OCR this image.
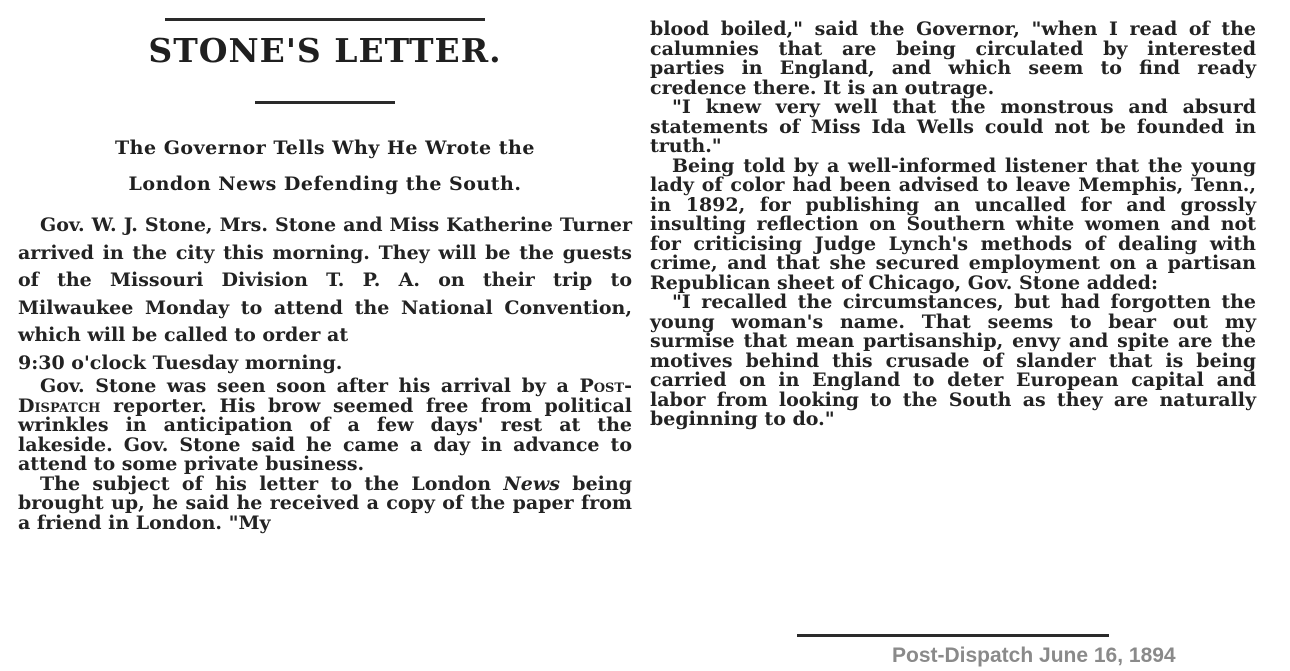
STONE'S LETTER.
The Governor Tells Why He Wrote the
London News Defending the South.

Gov. W. J. Stone, Mrs. Stone and Miss Katherine Turner arrived in the city this morning. They will be the guests of the Missouri Division T. P. A. on their trip to Milwaukee Monday to attend the National Convention, which will be called to order at
9:30 o'clock Tuesday morning.

Gov. Stone was seen soon after his arrival by a Post-Dispatch reporter. His brow seemed free from political wrinkles in anticipation of a few days' rest at the lakeside. Gov. Stone said he came a day in advance to attend to some private business.

The subject of his letter to the London News being brought up, he said he received a copy of the paper from a friend in London. "My

blood boiled," said the Governor, "when I read of the calumnies that are being circulated by interested parties in England, and which seem to find ready credence there. It is an outrage.

"I knew very well that the monstrous and absurd statements of Miss Ida Wells could not be founded in truth."

Being told by a well-informed listener that the young lady of color had been advised to leave Memphis, Tenn., in 1892, for publishing an uncalled for and grossly insulting reflection on Southern white women and not for criticising Judge Lynch's methods of dealing with crime, and that she secured employment on a partisan Republican sheet of Chicago, Gov. Stone added:

"I recalled the circumstances, but had forgotten the young woman's name. That seems to bear out my surmise that mean partisanship, envy and spite are the motives behind this crusade of slander that is being carried on in England to deter European capital and labor from looking to the South as they are naturally beginning to do."

Post-Dispatch June 16, 1894
